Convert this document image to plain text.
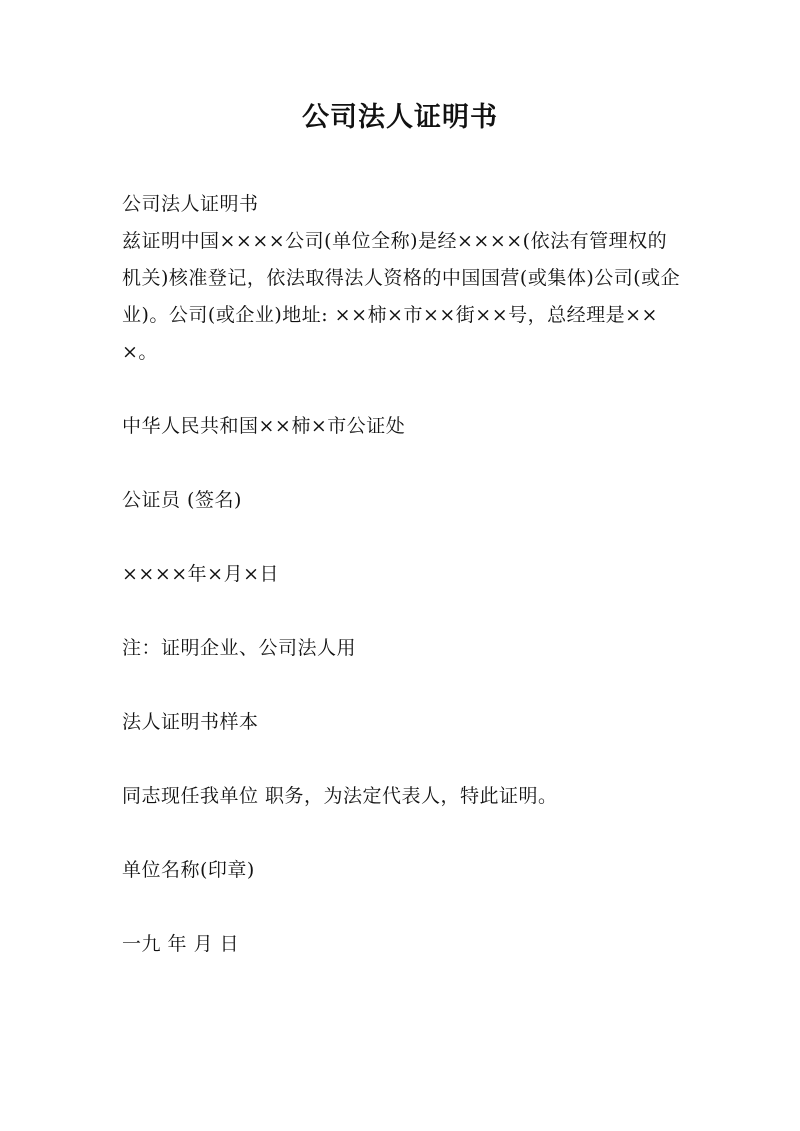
公司法人证明书

公司法人证明书

兹证明中国××××公司(单位全称)是经××××(依法有管理权的机关)核准登记，依法取得法人资格的中国国营(或集体)公司(或企业)。公司(或企业)地址: ××柿×市××街××号，总经理是×××。

中华人民共和国××柿×市公证处

公证员 (签名)

××××年×月×日

注：证明企业、公司法人用

法人证明书样本

同志现任我单位 职务，为法定代表人，特此证明。

单位名称(印章)

一九 年 月 日
